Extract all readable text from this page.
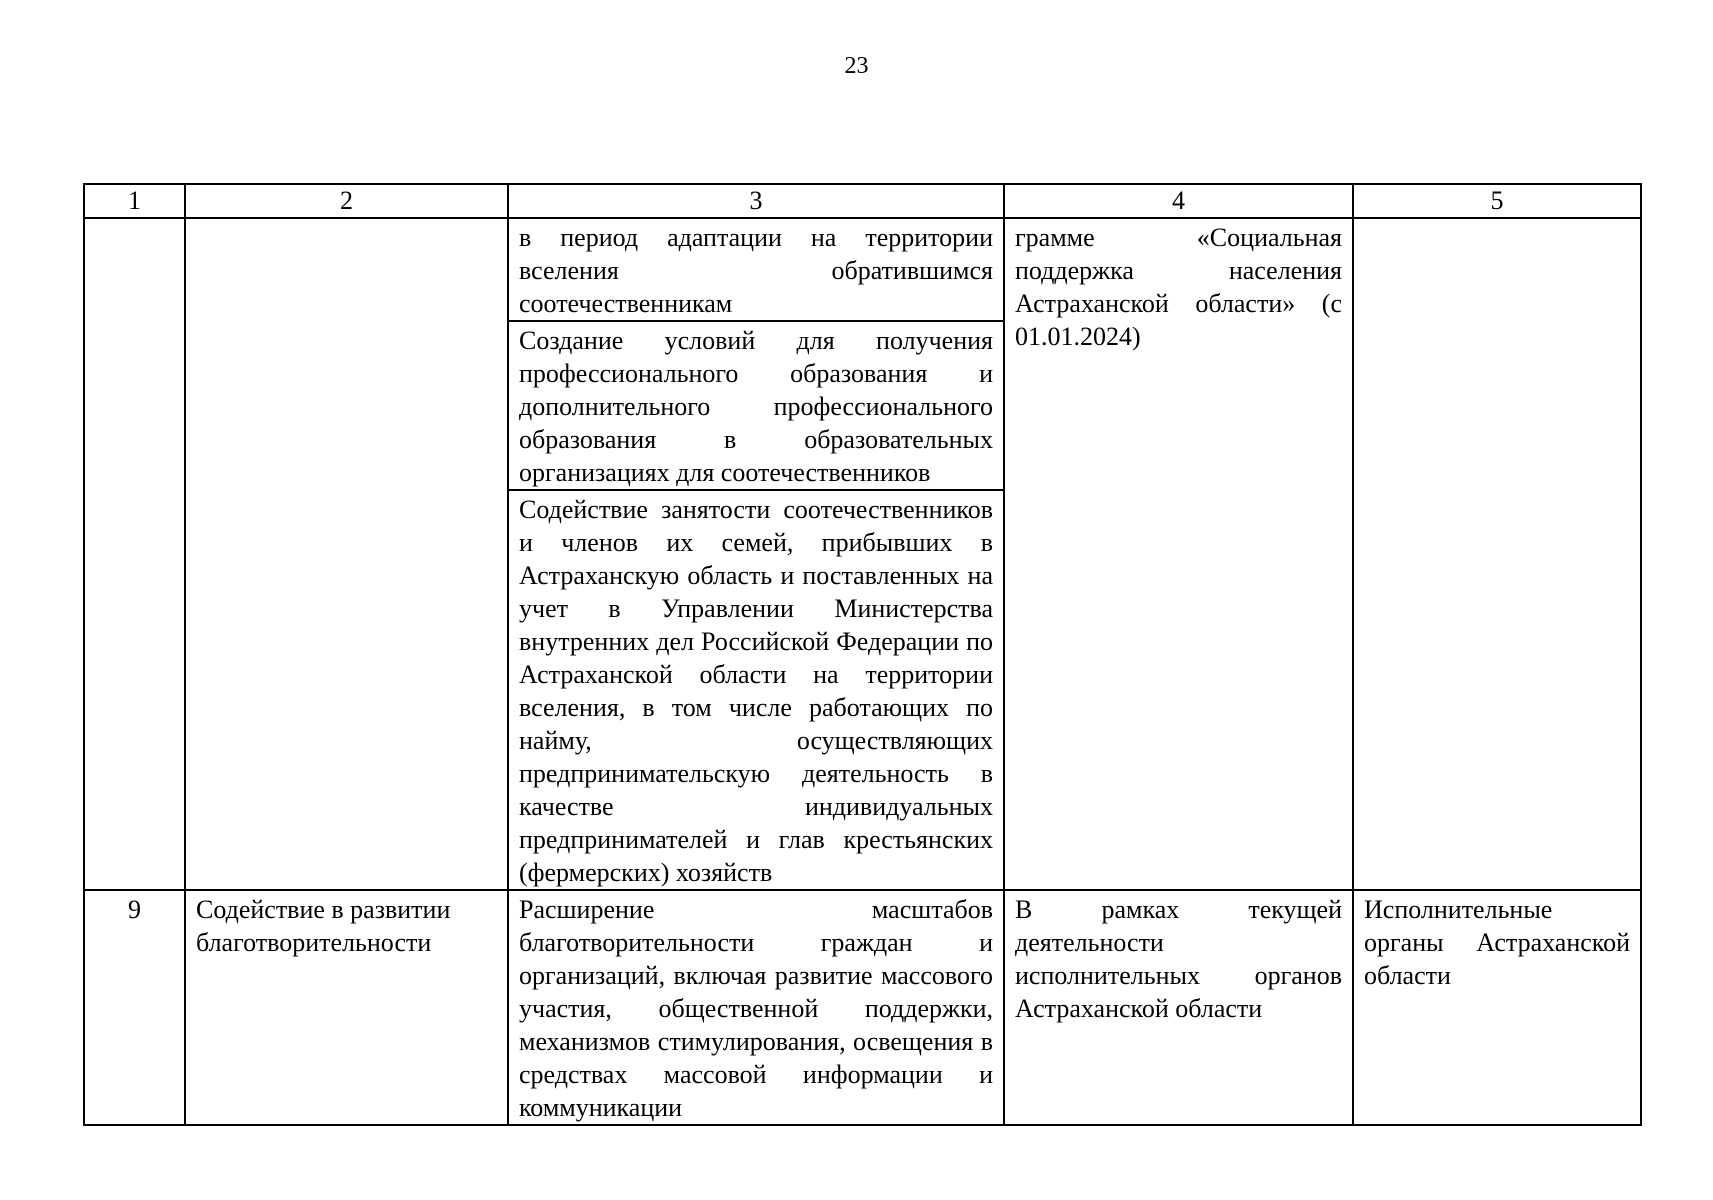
23
1	2	3	4	5
		в период адаптации на территории вселения обратившимся соотечественникам	грамме «Социальная поддержка населения Астраханской области» (с 01.01.2024)	
		Создание условий для получения профессионального образования и дополнительного профессионального образования в образовательных организациях для соотечественников		
		Содействие занятости соотечественников и членов их семей, прибывших в Астраханскую область и поставленных на учет в Управлении Министерства внутренних дел Российской Федерации по Астраханской области на территории вселения, в том числе работающих по найму, осуществляющих предпринимательскую деятельность в качестве индивидуальных предпринимателей и глав крестьянских (фермерских) хозяйств		
9	Содействие в развитии благотворительности	Расширение масштабов благотворительности граждан и организаций, включая развитие массового участия, общественной поддержки, механизмов стимулирования, освещения в средствах массовой информации и коммуникации	В рамках текущей деятельности исполнительных органов Астраханской области	Исполнительные органы Астраханской области
